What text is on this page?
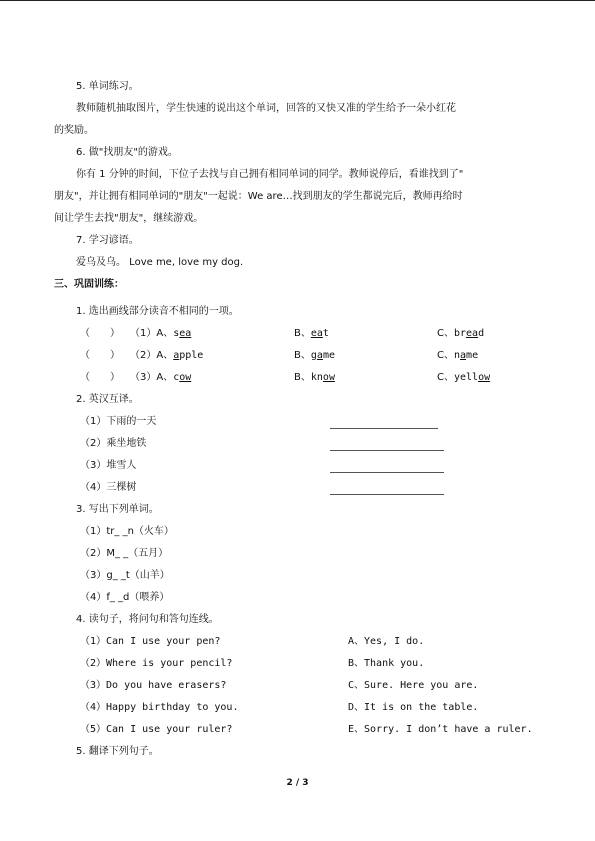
5. 单词练习。
教师随机抽取图片，学生快速的说出这个单词，回答的又快又准的学生给予一朵小红花
的奖励。
6. 做"找朋友"的游戏。
你有 1 分钟的时间，下位子去找与自己拥有相同单词的同学。教师说停后，看谁找到了"
朋友"，并让拥有相同单词的"朋友"一起说：We are…找到朋友的学生都说完后，教师再给时
间让学生去找"朋友"，继续游戏。
7. 学习谚语。
爱乌及乌。 Love me, love my dog.
三、巩固训练：
1. 选出画线部分读音不相同的一项。
（　　） （1）A、sea	B、eat	C、bread
（　　） （2）A、apple	B、game	C、name
（　　） （3）A、cow	B、know	C、yellow
2. 英汉互译。
（1）下雨的一天
（2）乘坐地铁
（3）堆雪人
（4）三棵树
3. 写出下列单词。
（1）tr_ _n（火车）
（2）M_ _（五月）
（3）g_ _t（山羊）
（4）f_ _d（喂养）
4. 读句子，将问句和答句连线。
（1）Can I use your pen?	A、Yes, I do.
（2）Where is your pencil?	B、Thank you.
（3）Do you have erasers?	C、Sure. Here you are.
（4）Happy birthday to you.	D、It is on the table.
（5）Can I use your ruler?	E、Sorry. I don’t have a ruler.
5. 翻译下列句子。
2 / 3
